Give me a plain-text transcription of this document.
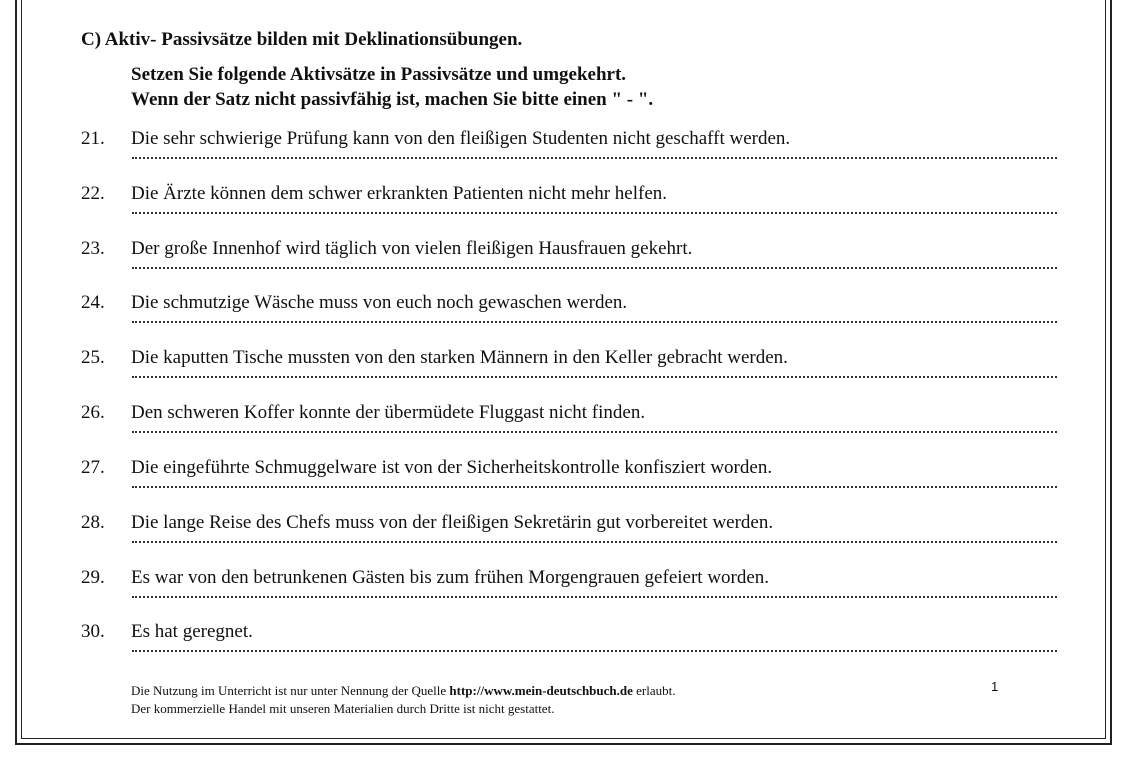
C) Aktiv- Passivsätze bilden mit Deklinationsübungen.
Setzen Sie folgende Aktivsätze in Passivsätze und umgekehrt.
Wenn der Satz nicht passivfähig ist, machen Sie bitte einen " - ".
21. Die sehr schwierige Prüfung kann von den fleißigen Studenten nicht geschafft werden.
22. Die Ärzte können dem schwer erkrankten Patienten nicht mehr helfen.
23. Der große Innenhof wird täglich von vielen fleißigen Hausfrauen gekehrt.
24. Die schmutzige Wäsche muss von euch noch gewaschen werden.
25. Die kaputten Tische mussten von den starken Männern in den Keller gebracht werden.
26. Den schweren Koffer konnte der übermüdete Fluggast nicht finden.
27. Die eingeführte Schmuggelware ist von der Sicherheitskontrolle konfisziert worden.
28. Die lange Reise des Chefs muss von der fleißigen Sekretärin gut vorbereitet werden.
29. Es war von den betrunkenen Gästen bis zum frühen Morgengrauen gefeiert worden.
30. Es hat geregnet.
Die Nutzung im Unterricht ist nur unter Nennung der Quelle http://www.mein-deutschbuch.de erlaubt.
Der kommerzielle Handel mit unseren Materialien durch Dritte ist nicht gestattet.
1
